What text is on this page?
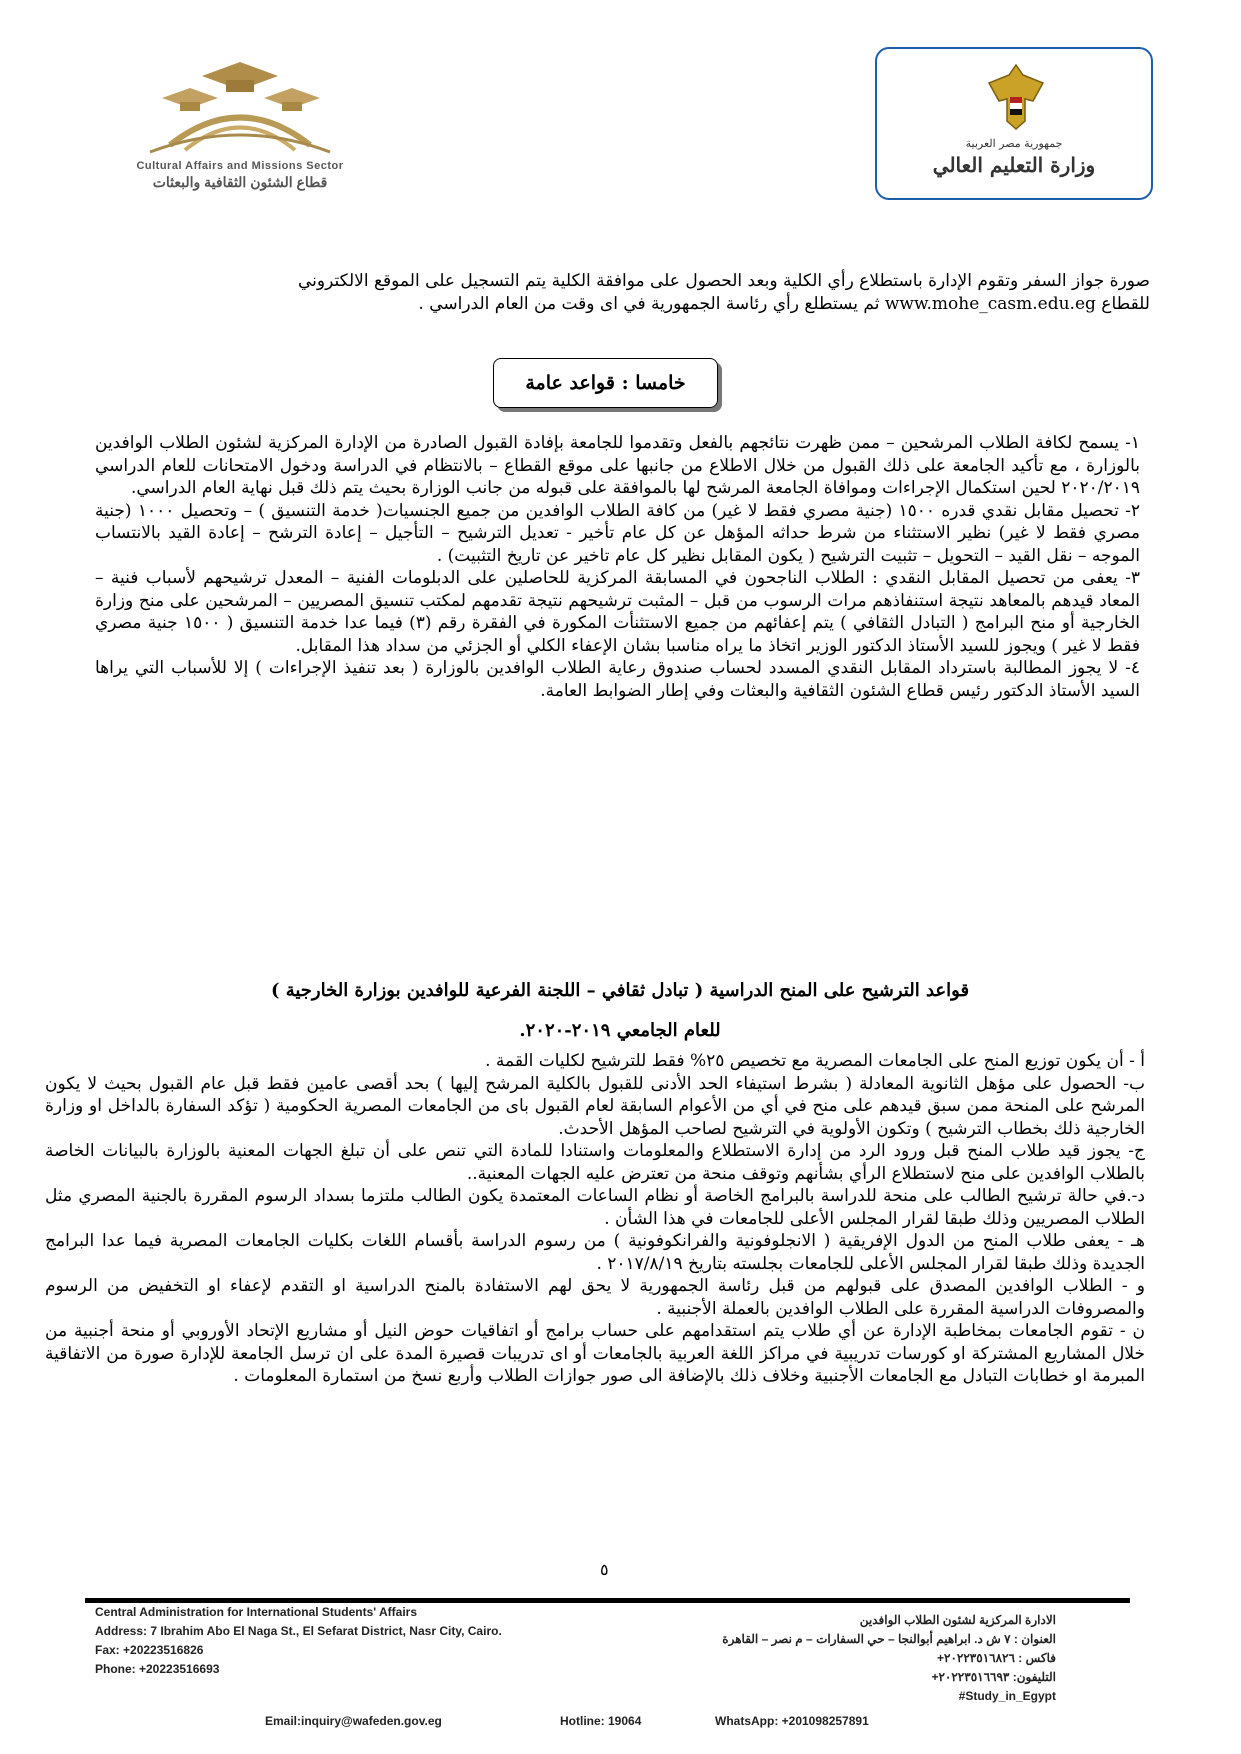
Cultural Affairs and Missions Sector
قطاع الشئون الثقافية والبعثات
جمهورية مصر العربية
وزارة التعليم العالي

صورة جواز السفر وتقوم الإدارة باستطلاع رأي الكلية وبعد الحصول على موافقة الكلية يتم التسجيل على الموقع الالكتروني

للقطاع www.mohe_casm.edu.eg ثم يستطلع رأي رئاسة الجمهورية في اى وقت من العام الدراسي .

خامسا : قواعد عامة

١- يسمح لكافة الطلاب المرشحين – ممن ظهرت نتائجهم بالفعل وتقدموا للجامعة بإفادة القبول الصادرة من الإدارة المركزية لشئون الطلاب الوافدين بالوزارة ، مع تأكيد الجامعة على ذلك القبول من خلال الاطلاع من جانبها على موقع القطاع – بالانتظام في الدراسة ودخول الامتحانات للعام الدراسي ٢٠٢٠/٢٠١٩ لحين استكمال الإجراءات وموافاة الجامعة المرشح لها بالموافقة على قبوله من جانب الوزارة بحيث يتم ذلك قبل نهاية العام الدراسي.

٢- تحصيل مقابل نقدي قدره ١٥٠٠ (جنية مصري فقط لا غير) من كافة الطلاب الوافدين من جميع الجنسيات( خدمة التنسيق ) – وتحصيل ١٠٠٠ (جنية مصري فقط لا غير) نظير الاستثناء من شرط حداثه المؤهل عن كل عام تأخير - تعديل الترشيح – التأجيل – إعادة الترشح – إعادة القيد بالانتساب الموجه – نقل القيد – التحويل – تثبيت الترشيح ( يكون المقابل نظير كل عام تاخير عن تاريخ التثبيت) .

٣- يعفى من تحصيل المقابل النقدي : الطلاب الناجحون في المسابقة المركزية للحاصلين على الدبلومات الفنية – المعدل ترشيحهم لأسباب فنية – المعاد قيدهم بالمعاهد نتيجة استنفاذهم مرات الرسوب من قبل – المثبت ترشيحهم نتيجة تقدمهم لمكتب تنسيق المصريين – المرشحين على منح وزارة الخارجية أو منح البرامج ( التبادل الثقافي ) يتم إعفائهم من جميع الاستثنأت المكورة في الفقرة رقم (٣) فيما عدا خدمة التنسيق ( ١٥٠٠ جنية مصري فقط لا غير ) ويجوز للسيد الأستاذ الدكتور الوزير اتخاذ ما يراه مناسبا بشان الإعفاء الكلي أو الجزئي من سداد هذا المقابل.

٤- لا يجوز المطالبة باسترداد المقابل النقدي المسدد لحساب صندوق رعاية الطلاب الوافدين بالوزارة ( بعد تنفيذ الإجراءات ) إلا للأسباب التي يراها السيد الأستاذ الدكتور رئيس قطاع الشئون الثقافية والبعثات وفي إطار الضوابط العامة.

قواعد الترشيح على المنح الدراسية ( تبادل ثقافي – اللجنة الفرعية للوافدين بوزارة الخارجية )
للعام الجامعي ٢٠١٩-٢٠٢٠.

أ - أن يكون توزيع المنح على الجامعات المصرية مع تخصيص ٢٥% فقط للترشيح لكليات القمة .

ب- الحصول على مؤهل الثانوية المعادلة ( بشرط استيفاء الحد الأدنى للقبول بالكلية المرشح إليها ) بحد أقصى عامين فقط قبل عام القبول بحيث لا يكون المرشح على المنحة ممن سبق قيدهم على منح في أي من الأعوام السابقة لعام القبول باى من الجامعات المصرية الحكومية ( تؤكد السفارة بالداخل او وزارة الخارجية ذلك بخطاب الترشيح ) وتكون الأولوية في الترشيح لصاحب المؤهل الأحدث.

ج- يجوز قيد طلاب المنح قبل ورود الرد من إدارة الاستطلاع والمعلومات واستنادا للمادة التي تنص على أن تبلغ الجهات المعنية بالوزارة بالبيانات الخاصة بالطلاب الوافدين على منح لاستطلاع الرأي بشأنهم وتوقف منحة من تعترض عليه الجهات المعنية..

د-.في حالة ترشيح الطالب على منحة للدراسة بالبرامج الخاصة أو نظام الساعات المعتمدة يكون الطالب ملتزما بسداد الرسوم المقررة بالجنية المصري مثل الطلاب المصريين وذلك طبقا لقرار المجلس الأعلى للجامعات في هذا الشأن .

هـ - يعفى طلاب المنح من الدول الإفريقية ( الانجلوفونية والفرانكوفونية ) من رسوم الدراسة بأقسام اللغات بكليات الجامعات المصرية فيما عدا البرامج الجديدة وذلك طبقا لقرار المجلس الأعلى للجامعات بجلسته بتاريخ ٢٠١٧/٨/١٩ .

و - الطلاب الوافدين المصدق على قبولهم من قبل رئاسة الجمهورية لا يحق لهم الاستفادة بالمنح الدراسية او التقدم لإعفاء او التخفيض من الرسوم والمصروفات الدراسية المقررة على الطلاب الوافدين بالعملة الأجنبية .

ن - تقوم الجامعات بمخاطبة الإدارة عن أي طلاب يتم استقدامهم على حساب برامج أو اتفاقيات حوض النيل أو مشاريع الإتحاد الأوروبي أو منحة أجنبية من خلال المشاريع المشتركة او كورسات تدريبية في مراكز اللغة العربية بالجامعات أو اى تدريبات قصيرة المدة على ان ترسل الجامعة للإدارة صورة من الاتفاقية المبرمة او خطابات التبادل مع الجامعات الأجنبية وخلاف ذلك بالإضافة الى صور جوازات الطلاب وأربع نسخ من استمارة المعلومات .

٥
Central Administration for International Students' Affairs
Address: 7 Ibrahim Abo El Naga St., El Sefarat District, Nasr City, Cairo.
Fax: +20223516826
Phone: +20223516693
الادارة المركزية لشئون الطلاب الوافدين
العنوان : ٧ ش د. ابراهيم أبوالنجا – حي السفارات – م نصر – القاهرة
فاكس : ٢٠٢٢٣٥١٦٨٢٦+
التليفون: ٢٠٢٢٣٥١٦٦٩٣+
#Study_in_Egypt
Email:inquiry@wafeden.gov.eg	Hotline: 19064	WhatsApp: +201098257891
